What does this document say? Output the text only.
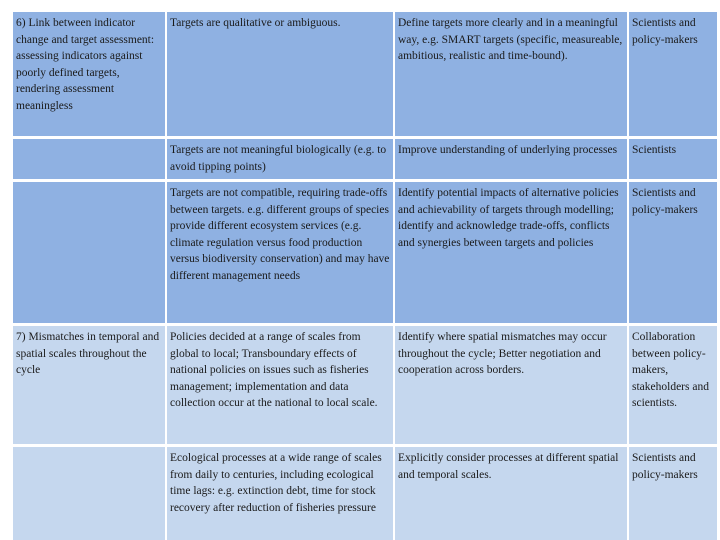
6) Link between indicator change and target assessment: assessing indicators against poorly defined targets, rendering assessment meaningless	Targets are qualitative or ambiguous.	Define targets more clearly and in a meaningful way, e.g. SMART targets (specific, measureable, ambitious, realistic and time-bound).	Scientists and policy-makers
	Targets are not meaningful biologically (e.g. to avoid tipping points)	Improve understanding of underlying processes	Scientists
	Targets are not compatible, requiring trade-offs between targets. e.g. different groups of species provide different ecosystem services (e.g. climate regulation versus food production versus biodiversity conservation) and may have different management needs	Identify potential impacts of alternative policies and achievability of targets through modelling; identify and acknowledge trade-offs, conflicts and synergies between targets and policies	Scientists and policy-makers
7) Mismatches in temporal and spatial scales throughout the cycle	Policies decided at a range of scales from global to local; Transboundary effects of national policies on issues such as fisheries management; implementation and data collection occur at the national to local scale.	Identify where spatial mismatches may occur throughout the cycle; Better negotiation and cooperation across borders.	Collaboration between policy-makers, stakeholders and scientists.
	Ecological processes at a wide range of scales from daily to centuries, including ecological time lags: e.g. extinction debt, time for stock recovery after reduction of fisheries pressure	Explicitly consider processes at different spatial and temporal scales.	Scientists and policy-makers
